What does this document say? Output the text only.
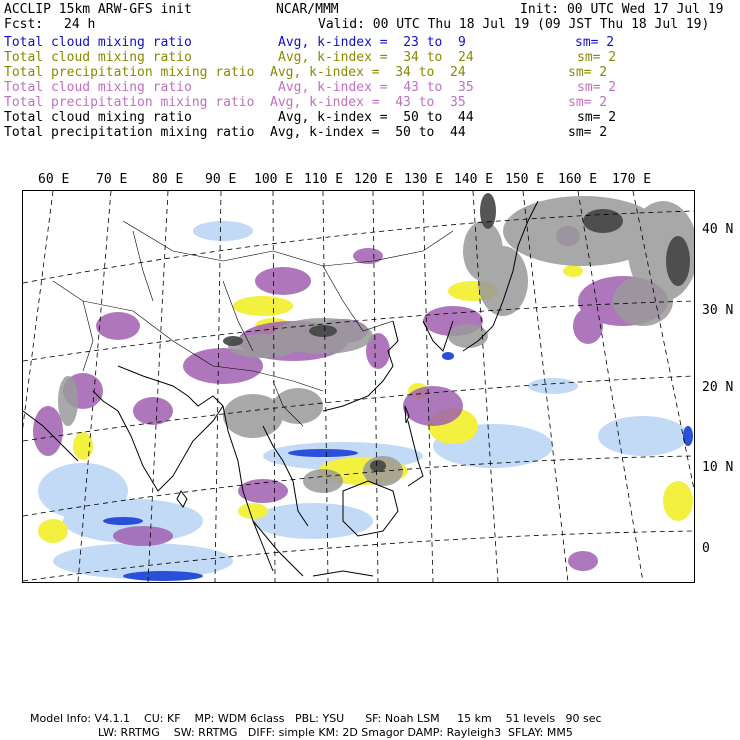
ACCLIP 15km ARW-GFS init	NCAR/MMM	Init: 00 UTC Wed 17 Jul 19
Fcst: 24 h	Valid: 00 UTC Thu 18 Jul 19 (09 JST Thu 18 Jul 19)
Total cloud mixing ratio	Avg, k-index =  23 to  9	sm= 2
Total cloud mixing ratio	Avg, k-index =  34 to  24	sm= 2
Total precipitation mixing ratio Avg, k-index =  34 to  24	sm= 2
Total cloud mixing ratio	Avg, k-index =  43 to  35	sm= 2
Total precipitation mixing ratio Avg, k-index =  43 to  35	sm= 2
Total cloud mixing ratio	Avg, k-index =  50 to  44	sm= 2
Total precipitation mixing ratio Avg, k-index =  50 to  44	sm= 2
60 E 70 E 80 E 90 E 100 E 110 E 120 E 130 E 140 E 150 E 160 E 170 E
40 N
30 N
20 N
10 N
0
Model Info: V4.1.1    CU: KF    MP: WDM 6class   PBL: YSU      SF: Noah LSM     15 km    51 levels   90 sec
LW: RRTMG    SW: RRTMG   DIFF: simple KM: 2D Smagor DAMP: Rayleigh3  SFLAY: MM5
